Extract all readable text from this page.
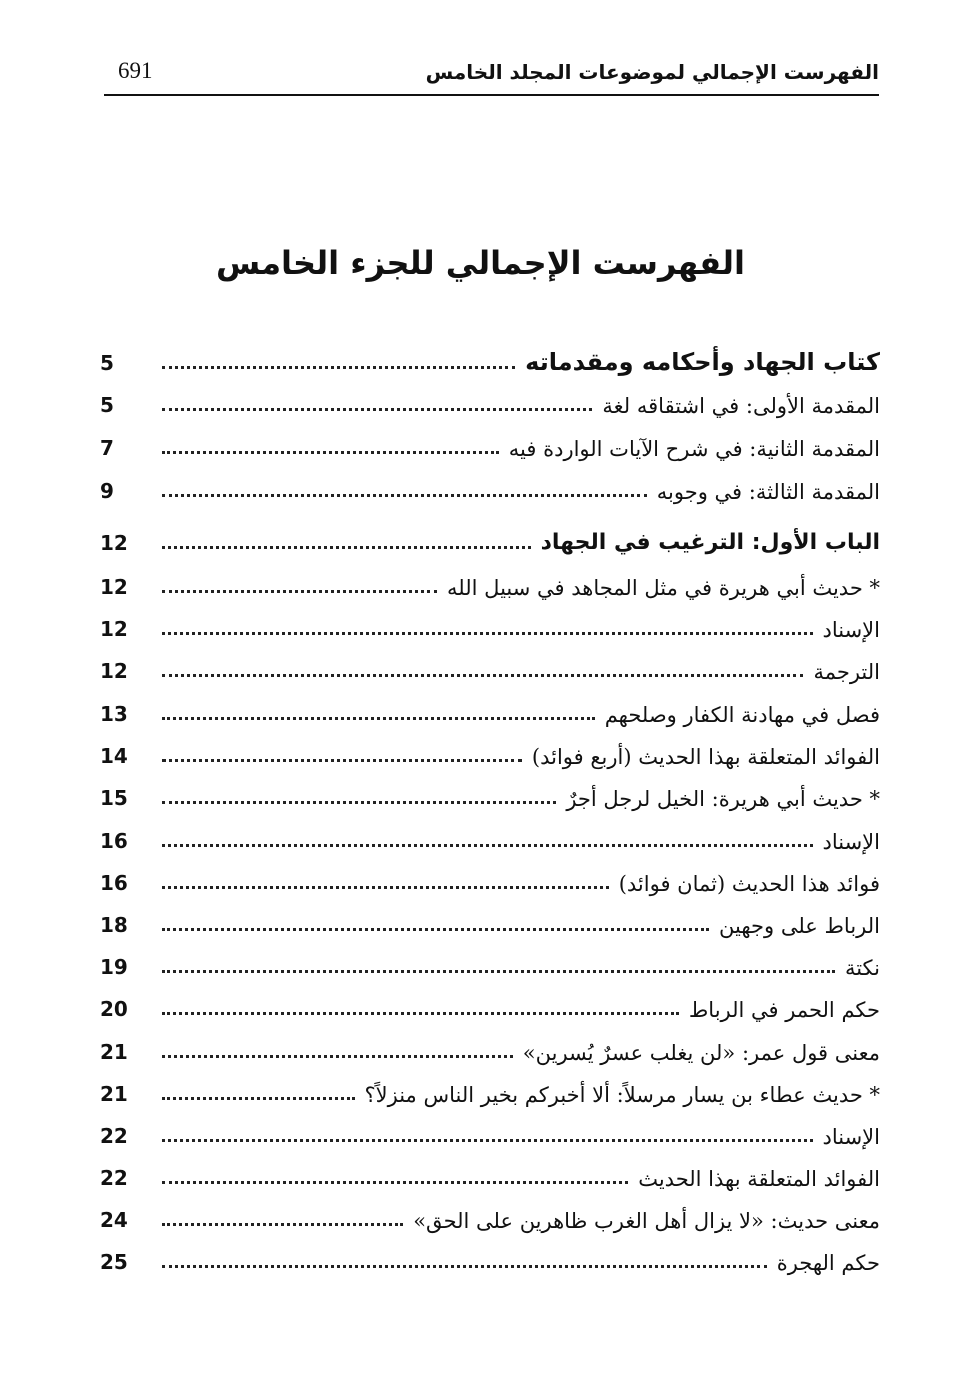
الفهرست الإجمالي لموضوعات المجلد الخامس
691
الفهرست الإجمالي للجزء الخامس
كتاب الجهاد وأحكامه ومقدماته
5
المقدمة الأولى: في اشتقاقه لغة
5
المقدمة الثانية: في شرح الآيات الواردة فيه
7
المقدمة الثالثة: في وجوبه
9
الباب الأول: الترغيب في الجهاد
12
* حديث أبي هريرة في مثل المجاهد في سبيل الله
12
الإسناد
12
الترجمة
12
فصل في مهادنة الكفار وصلحهم
13
الفوائد المتعلقة بهذا الحديث (أربع فوائد)
14
* حديث أبي هريرة: الخيل لرجل أجرٌ
15
الإسناد
16
فوائد هذا الحديث (ثمان فوائد)
16
الرباط على وجهين
18
نكتة
19
حكم الحمر في الرباط
20
معنى قول عمر: «لن يغلب عسرٌ يُسرين»
21
* حديث عطاء بن يسار مرسلاً: ألا أخبركم بخير الناس منزلاً؟
21
الإسناد
22
الفوائد المتعلقة بهذا الحديث
22
معنى حديث: «لا يزال أهل الغرب ظاهرين على الحق»
24
حكم الهجرة
25
